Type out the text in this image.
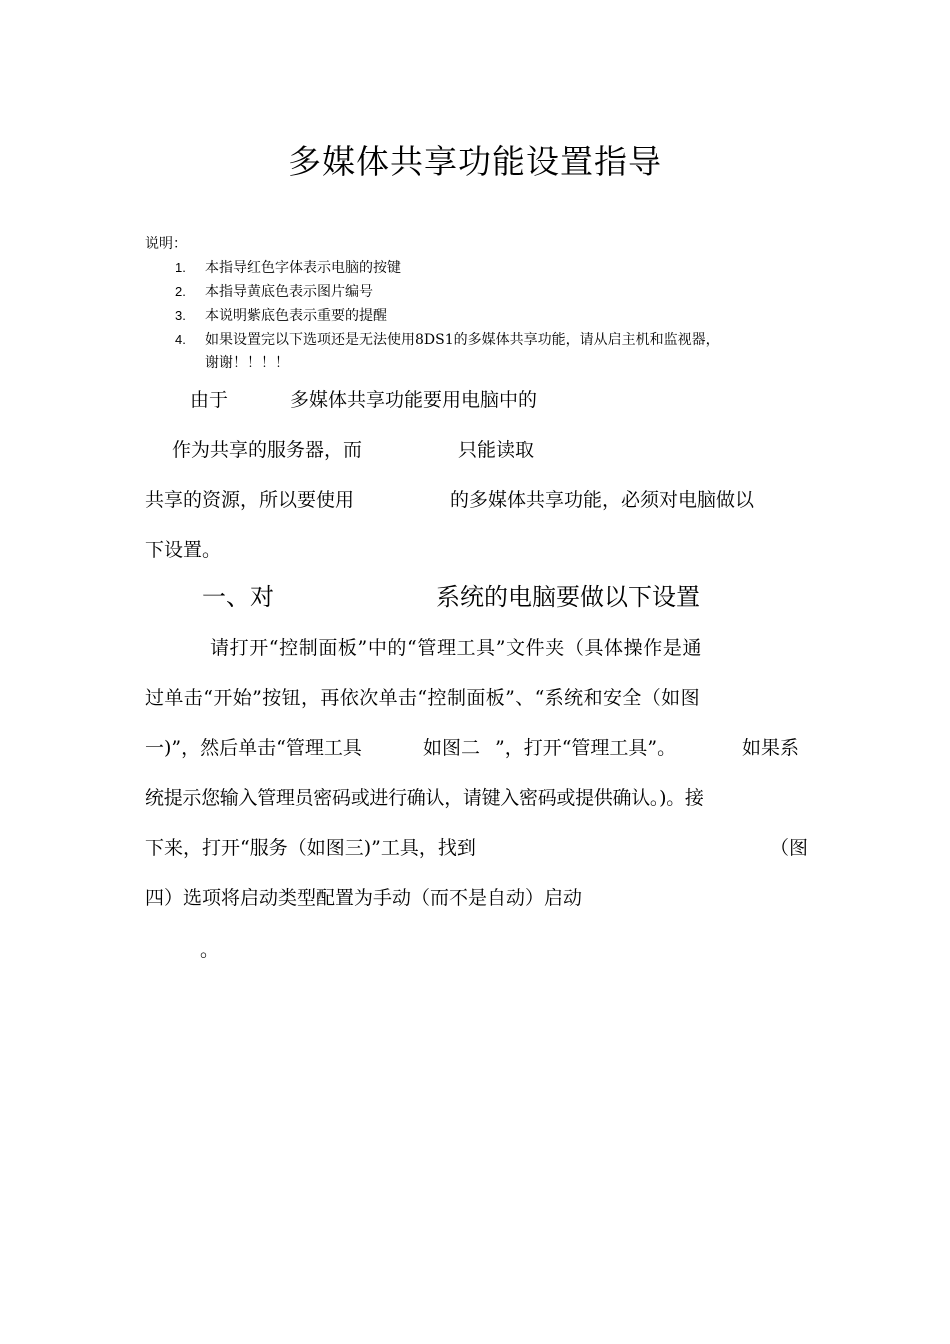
多媒体共享功能设置指导
说明：
1. 本指导红色字体表示电脑的按键
2. 本指导黄底色表示图片编号
3. 本说明紫底色表示重要的提醒
4. 如果设置完以下选项还是无法使用8DS1的多媒体共享功能，请从启主机和监视器，
谢谢！！！！
由于	多媒体共享功能要用电脑中的
作为共享的服务器，而	只能读取
共享的资源，所以要使用	的多媒体共享功能，必须对电脑做以
下设置。
一、对	系统的电脑要做以下设置
请打开“控制面板”中的“管理工具”文件夹（具体操作是通
过单击“开始”按钮，再依次单击“控制面板”、“系统和安全（如图
一)”，然后单击“管理工具	如图二 ”，打开“管理工具”。	如果系
统提示您输入管理员密码或进行确认，请键入密码或提供确认。)。接
下来，打开“服务（如图三)”工具，找到	（图
四）选项将启动类型配置为手动（而不是自动）启动
。
